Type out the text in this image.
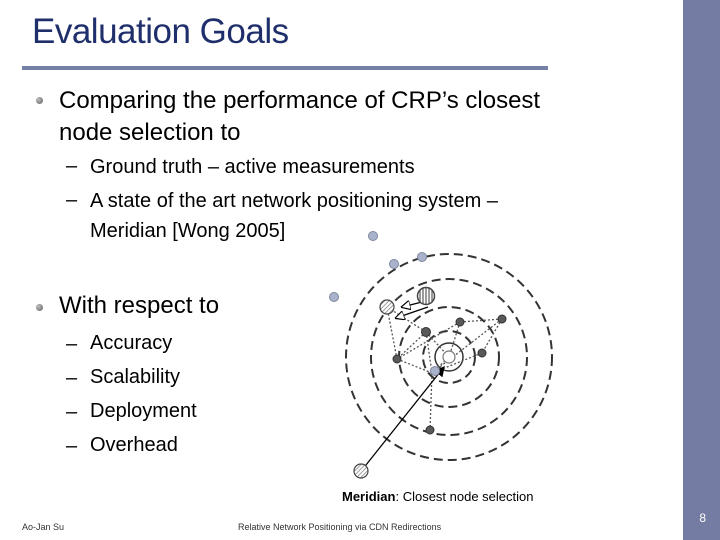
Evaluation Goals
Comparing the performance of CRP’s closest
node selection to
– Ground truth – active measurements
– A state of the art network positioning system –
Meridian [Wong 2005]
With respect to
– Accuracy
– Scalability
– Deployment
– Overhead
Meridian: Closest node selection
Ao-Jan Su	Relative Network Positioning via CDN Redirections
8
